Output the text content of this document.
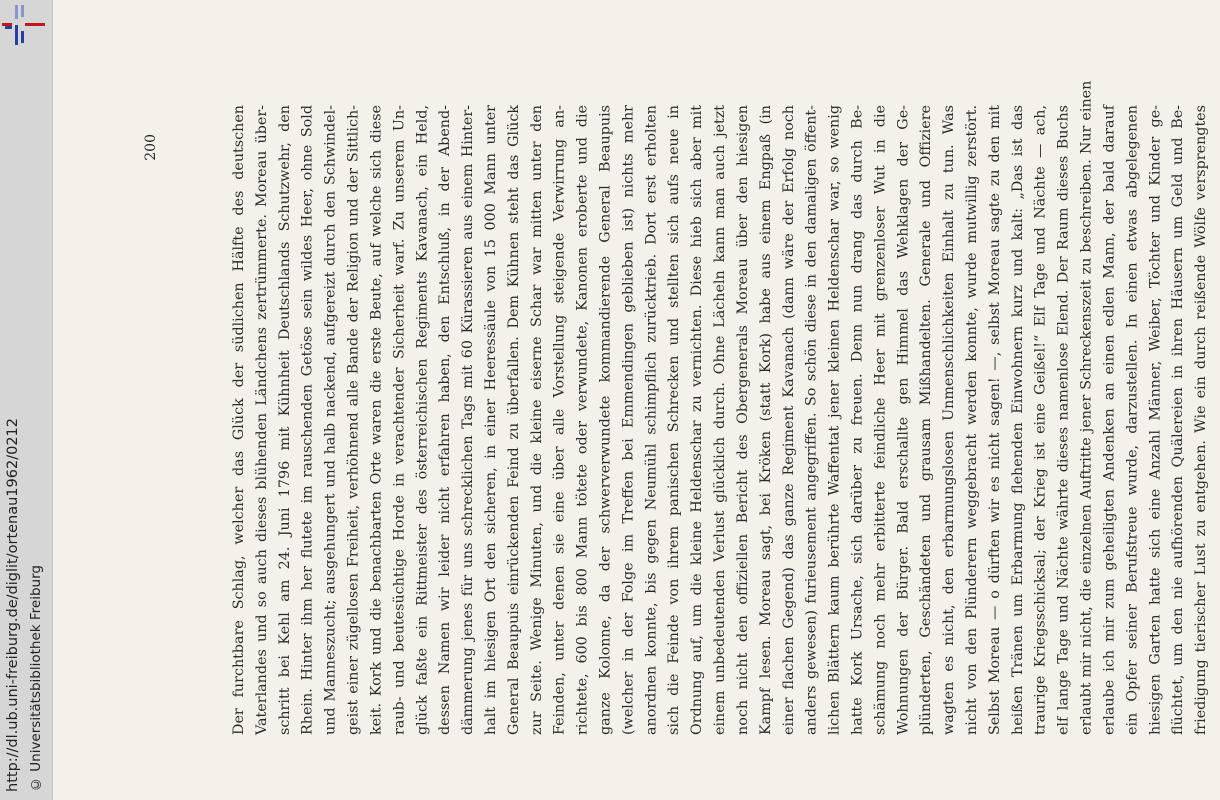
http://dl.ub.uni-freiburg.de/diglit/ortenau1962/0212 © Universitätsbibliothek Freiburg
200	Der furchtbare Schlag, welcher das Glück der südlichen Hälfte des deutschen Vaterlandes und so auch dieses blühenden Ländchens zertrümmerte. Moreau über- schritt bei Kehl am 24. Juni 1796 mit Kühnheit Deutschlands Schutzwehr, den Rhein. Hinter ihm her flutete im rauschenden Getöse sein wildes Heer, ohne Sold und Manneszucht; ausgehungert und halb nackend, aufgereizt durch den Schwindel- geist einer zügellosen Freiheit, verhöhnend alle Bande der Religion und der Sittlich- keit. Kork und die benachbarten Orte waren die erste Beute, auf welche sich diese raub- und beutesüchtige Horde in verachtender Sicherheit warf. Zu unserem Un- glück faßte ein Rittmeister des österreichischen Regiments Kavanach, ein Held, dessen Namen wir leider nicht erfahren haben, den Entschluß, in der Abend- dämmerung jenes für uns schrecklichen Tags mit 60 Kürassieren aus einem Hinter- halt im hiesigen Ort den sicheren, in einer Heeressäule von 15 000 Mann unter General Beaupuis einrückenden Feind zu überfallen. Dem Kühnen steht das Glück zur Seite. Wenige Minuten, und die kleine eiserne Schar war mitten unter den Feinden, unter denen sie eine über alle Vorstellung steigende Verwirrung an- richtete, 600 bis 800 Mann tötete oder verwundete, Kanonen eroberte und die ganze Kolonne, da der schwerverwundete kommandierende General Beaupuis (welcher in der Folge im Treffen bei Emmendingen geblieben ist) nichts mehr anordnen konnte, bis gegen Neumühl schimpflich zurücktrieb. Dort erst erholten sich die Feinde von ihrem panischen Schrecken und stellten sich aufs neue in Ordnung auf, um die kleine Heldenschar zu vernichten. Diese hieb sich aber mit einem unbedeutenden Verlust glücklich durch. Ohne Lächeln kann man auch jetzt noch nicht den offiziellen Bericht des Obergenerals Moreau über den hiesigen Kampf lesen. Moreau sagt, bei Kröken (statt Kork) habe aus einem Engpaß (in einer flachen Gegend) das ganze Regiment Kavanach (dann wäre der Erfolg noch anders gewesen) furieusement angegriffen. So schön diese in den damaligen öffent- lichen Blättern kaum berührte Waffentat jener kleinen Heldenschar war, so wenig hatte Kork Ursache, sich darüber zu freuen. Denn nun drang das durch Be- schämung noch mehr erbitterte feindliche Heer mit grenzenloser Wut in die Wohnungen der Bürger. Bald erschallte gen Himmel das Wehklagen der Ge- plünderten, Geschändeten und grausam Mißhandelten. Generale und Offiziere wagten es nicht, den erbarmungslosen Unmenschlichkeiten Einhalt zu tun. Was nicht von den Plünderern weggebracht werden konnte, wurde mutwillig zerstört. Selbst Moreau — o dürften wir es nicht sagen! —, selbst Moreau sagte zu den mit heißen Tränen um Erbarmung flehenden Einwohnern kurz und kalt: „Das ist das traurige Kriegsschicksal; der Krieg ist eine Geißel!“ Elf Tage und Nächte — ach, elf lange Tage und Nächte währte dieses namenlose Elend. Der Raum dieses Buchs erlaubt mir nicht, die einzelnen Auftritte jener Schreckenszeit zu beschreiben. Nur einen erlaube ich mir zum geheiligten Andenken an einen edlen Mann, der bald darauf ein Opfer seiner Berufstreue wurde, darzustellen. In einen etwas abgelegenen hiesigen Garten hatte sich eine Anzahl Männer, Weiber, Töchter und Kinder ge- flüchtet, um den nie aufhörenden Quälereien in ihren Häusern um Geld und Be- friedigung tierischer Lust zu entgehen. Wie ein durch reißende Wölfe versprengtes
